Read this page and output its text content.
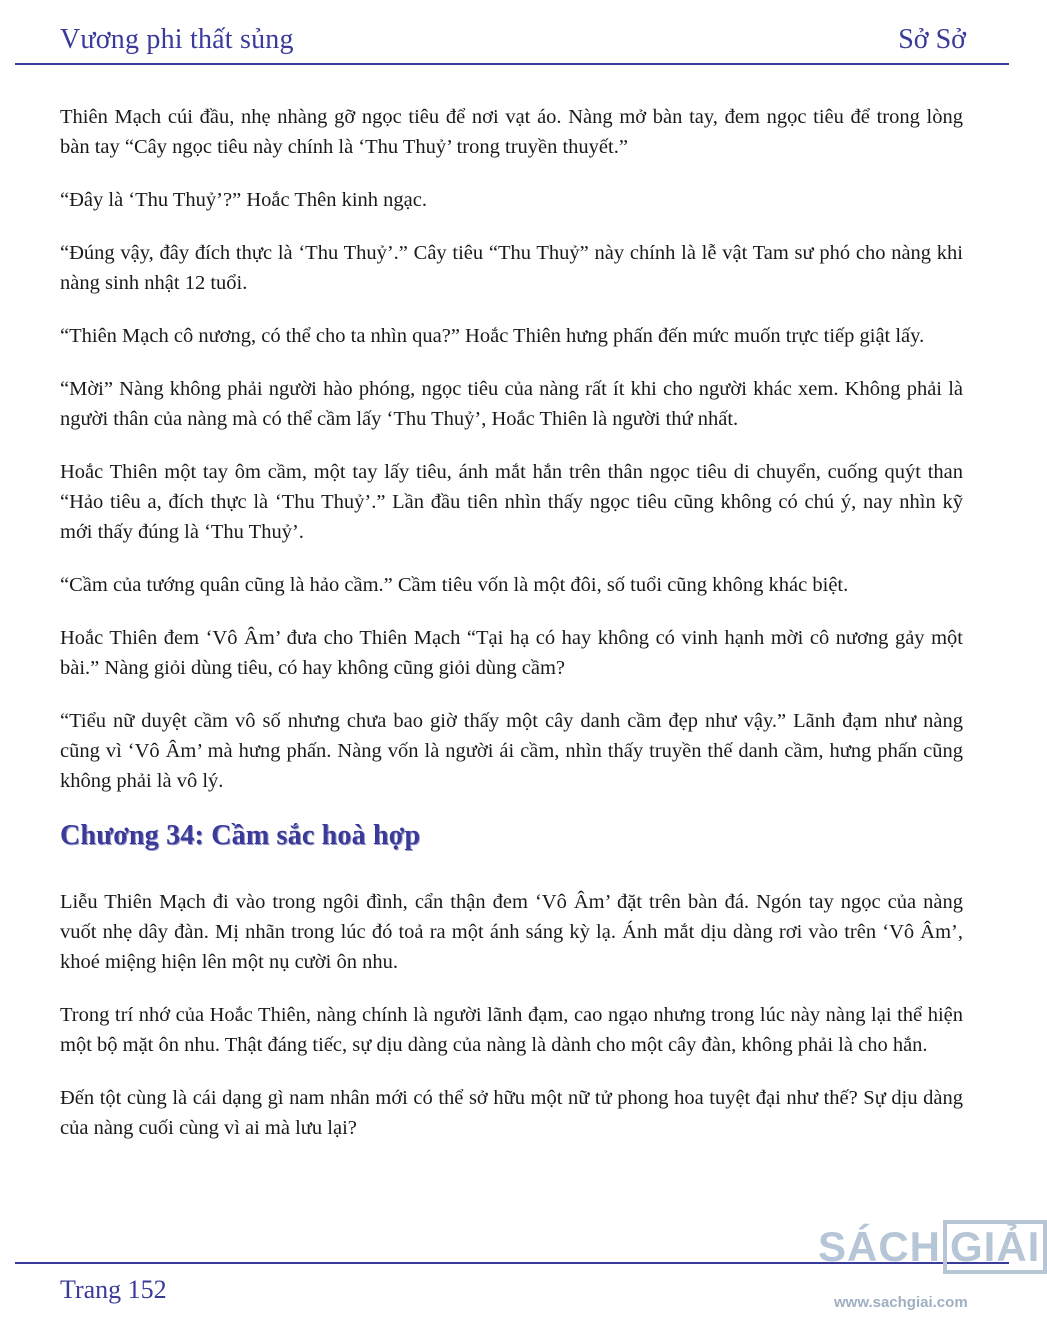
Vương phi thất sủng	Sở Sở

Thiên Mạch cúi đầu, nhẹ nhàng gỡ ngọc tiêu để nơi vạt áo. Nàng mở bàn tay, đem ngọc tiêu để trong lòng bàn tay “Cây ngọc tiêu này chính là ‘Thu Thuỷ’ trong truyền thuyết.”

“Đây là ‘Thu Thuỷ’?” Hoắc Thên kinh ngạc.

“Đúng vậy, đây đích thực là ‘Thu Thuỷ’.” Cây tiêu “Thu Thuỷ” này chính là lễ vật Tam sư phó cho nàng khi nàng sinh nhật 12 tuổi.

“Thiên Mạch cô nương, có thể cho ta nhìn qua?” Hoắc Thiên hưng phấn đến mức muốn trực tiếp giật lấy.

“Mời” Nàng không phải người hào phóng, ngọc tiêu của nàng rất ít khi cho người khác xem. Không phải là người thân của nàng mà có thể cầm lấy ‘Thu Thuỷ’, Hoắc Thiên là người thứ nhất.

Hoắc Thiên một tay ôm cầm, một tay lấy tiêu, ánh mắt hắn trên thân ngọc tiêu di chuyển, cuống quýt than “Hảo tiêu a, đích thực là ‘Thu Thuỷ’.” Lần đầu tiên nhìn thấy ngọc tiêu cũng không có chú ý, nay nhìn kỹ mới thấy đúng là ‘Thu Thuỷ’.

“Cầm của tướng quân cũng là hảo cầm.” Cầm tiêu vốn là một đôi, số tuổi cũng không khác biệt.

Hoắc Thiên đem ‘Vô Âm’ đưa cho Thiên Mạch “Tại hạ có hay không có vinh hạnh mời cô nương gảy một bài.” Nàng giỏi dùng tiêu, có hay không cũng giỏi dùng cầm?

“Tiểu nữ duyệt cầm vô số nhưng chưa bao giờ thấy một cây danh cầm đẹp như vậy.” Lãnh đạm như nàng cũng vì ‘Vô Âm’ mà hưng phấn. Nàng vốn là người ái cầm, nhìn thấy truyền thế danh cầm, hưng phấn cũng không phải là vô lý.

Chương 34: Cầm sắc hoà hợp

Liễu Thiên Mạch đi vào trong ngôi đình, cẩn thận đem ‘Vô Âm’ đặt trên bàn đá. Ngón tay ngọc của nàng vuốt nhẹ dây đàn. Mị nhãn trong lúc đó toả ra một ánh sáng kỳ lạ. Ánh mắt dịu dàng rơi vào trên ‘Vô Âm’, khoé miệng hiện lên một nụ cười ôn nhu.

Trong trí nhớ của Hoắc Thiên, nàng chính là người lãnh đạm, cao ngạo nhưng trong lúc này nàng lại thể hiện một bộ mặt ôn nhu. Thật đáng tiếc, sự dịu dàng của nàng là dành cho một cây đàn, không phải là cho hắn.

Đến tột cùng là cái dạng gì nam nhân mới có thể sở hữu một nữ tử phong hoa tuyệt đại như thế? Sự dịu dàng của nàng cuối cùng vì ai mà lưu lại?

Trang 152
SÁCH GIẢI
www.sachgiai.com
